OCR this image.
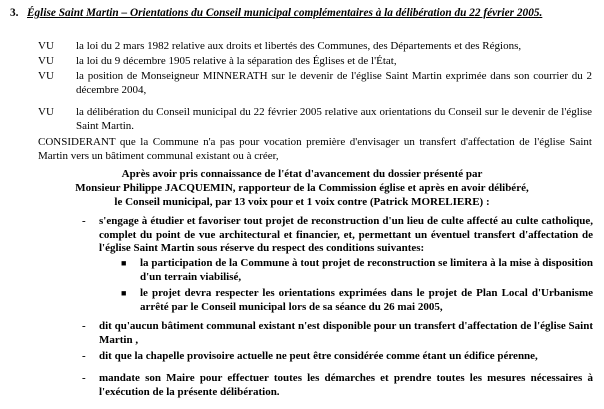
3. Église Saint Martin – Orientations du Conseil municipal complémentaires à la délibération du 22 février 2005.
VU la loi du 2 mars 1982 relative aux droits et libertés des Communes, des Départements et des Régions,
VU la loi du 9 décembre 1905 relative à la séparation des Églises et de l'État,
VU la position de Monseigneur MINNERATH sur le devenir de l'église Saint Martin exprimée dans son courrier du 2 décembre 2004,
VU la délibération du Conseil municipal du 22 février 2005 relative aux orientations du Conseil sur le devenir de l'église Saint Martin.
CONSIDERANT que la Commune n'a pas pour vocation première d'envisager un transfert d'affectation de l'église Saint Martin vers un bâtiment communal existant ou à créer,
Après avoir pris connaissance de l'état d'avancement du dossier présenté par
Monsieur Philippe JACQUEMIN, rapporteur de la Commission église et après en avoir délibéré,
le Conseil municipal, par 13 voix pour et 1 voix contre (Patrick MORELIERE) :
- s'engage à étudier et favoriser tout projet de reconstruction d'un lieu de culte affecté au culte catholique, complet du point de vue architectural et financier, et, permettant un éventuel transfert d'affectation de l'église Saint Martin sous réserve du respect des conditions suivantes:
■ la participation de la Commune à tout projet de reconstruction se limitera à la mise à disposition d'un terrain viabilisé,
■ le projet devra respecter les orientations exprimées dans le projet de Plan Local d'Urbanisme arrêté par le Conseil municipal lors de sa séance du 26 mai 2005,
- dit qu'aucun bâtiment communal existant n'est disponible pour un transfert d'affectation de l'église Saint Martin ,
- dit que la chapelle provisoire actuelle ne peut être considérée comme étant un édifice pérenne,
- mandate son Maire pour effectuer toutes les démarches et prendre toutes les mesures nécessaires à l'exécution de la présente délibération.
